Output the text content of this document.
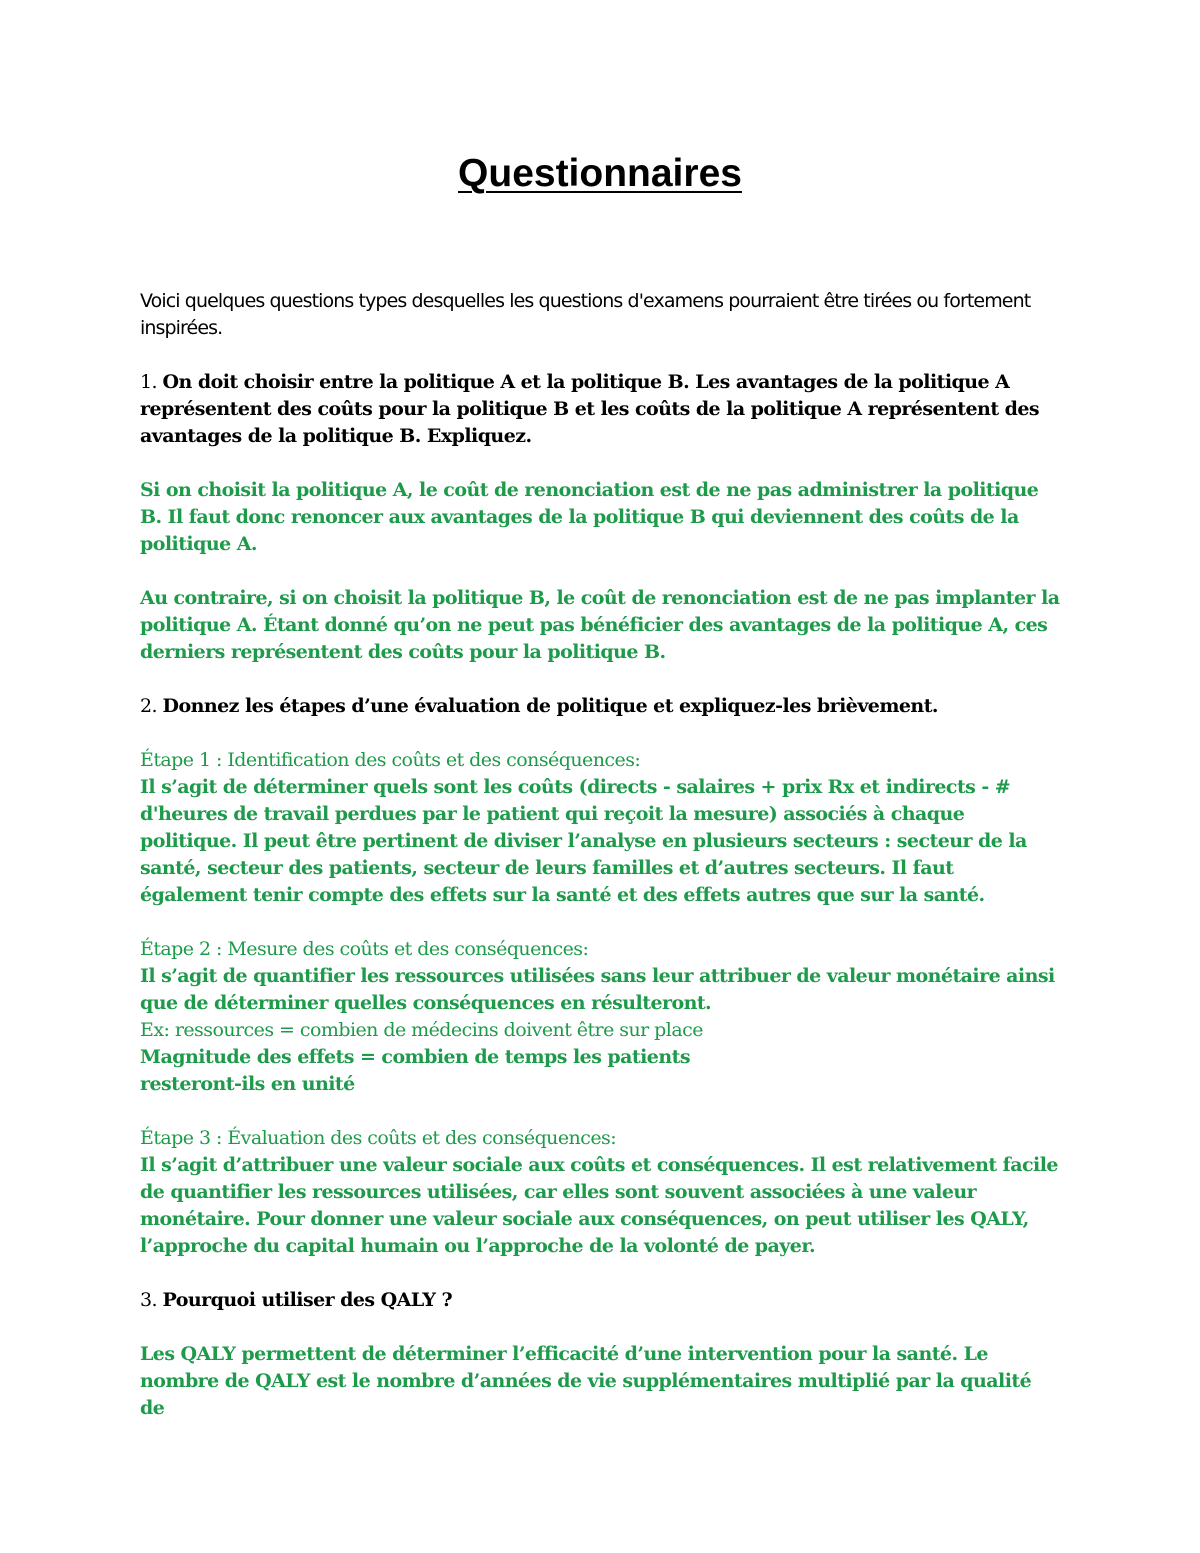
Questionnaires

Voici quelques questions types desquelles les questions d'examens pourraient être tirées ou fortement inspirées.

1. On doit choisir entre la politique A et la politique B. Les avantages de la politique A représentent des coûts pour la politique B et les coûts de la politique A représentent des avantages de la politique B. Expliquez.

Si on choisit la politique A, le coût de renonciation est de ne pas administrer la politique B. Il faut donc renoncer aux avantages de la politique B qui deviennent des coûts de la politique A.

Au contraire, si on choisit la politique B, le coût de renonciation est de ne pas implanter la politique A. Étant donné qu’on ne peut pas bénéficier des avantages de la politique A, ces derniers représentent des coûts pour la politique B.

2. Donnez les étapes d’une évaluation de politique et expliquez-les brièvement.

Étape 1 : Identification des coûts et des conséquences:
Il s’agit de déterminer quels sont les coûts (directs - salaires + prix Rx et indirects - # d'heures de travail perdues par le patient qui reçoit la mesure) associés à chaque politique. Il peut être pertinent de diviser l’analyse en plusieurs secteurs : secteur de la santé, secteur des patients, secteur de leurs familles et d’autres secteurs. Il faut également tenir compte des effets sur la santé et des effets autres que sur la santé.
Étape 2 : Mesure des coûts et des conséquences:
Il s’agit de quantifier les ressources utilisées sans leur attribuer de valeur monétaire ainsi que de déterminer quelles conséquences en résulteront.
Ex: ressources = combien de médecins doivent être sur place
Magnitude des effets = combien de temps les patients
resteront-ils en unité
Étape 3 : Évaluation des coûts et des conséquences:
Il s’agit d’attribuer une valeur sociale aux coûts et conséquences. Il est relativement facile de quantifier les ressources utilisées, car elles sont souvent associées à une valeur monétaire. Pour donner une valeur sociale aux conséquences, on peut utiliser les QALY, l’approche du capital humain ou l’approche de la volonté de payer.

3. Pourquoi utiliser des QALY ?

Les QALY permettent de déterminer l’efficacité d’une intervention pour la santé. Le nombre de QALY est le nombre d’années de vie supplémentaires multiplié par la qualité de
